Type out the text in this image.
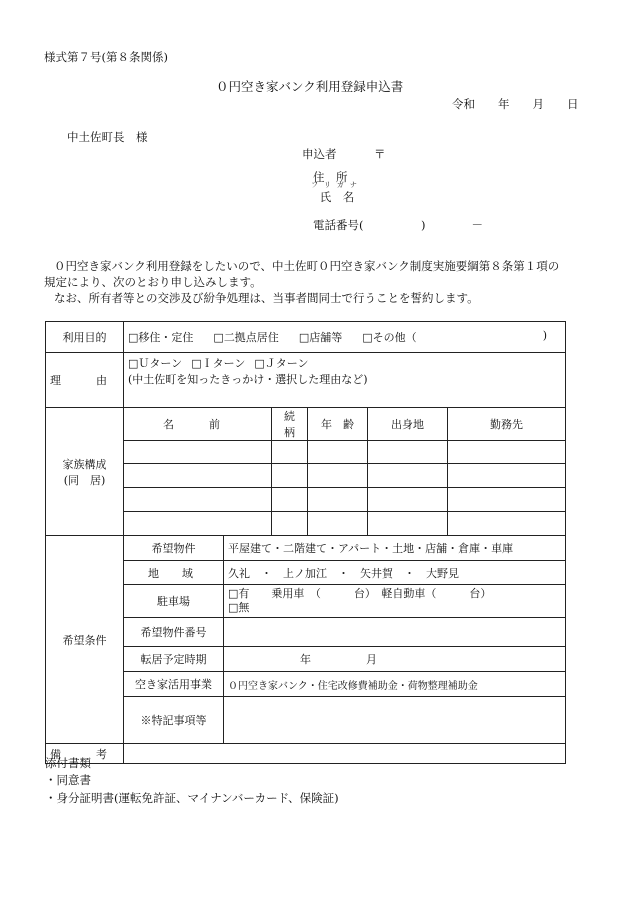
様式第７号(第８条関係)
０円空き家バンク利用登録申込書
令和　　年　　月　　日
中土佐町長　様
申込者	〒
住　所
フリガナ
氏　名
電話番号(　　　　　)　　　　－
０円空き家バンク利用登録をしたいので、中土佐町０円空き家バンク制度実施要綱第８条第１項の
規定により、次のとおり申し込みします。
なお、所有者等との交渉及び紛争処理は、当事者間同士で行うことを誓約します。
利用目的	□移住・定住    □ 二拠点居住    □ 店舗等    □ その他（ )

理　由	□ Ｕターン   □ Ｉターン   □ Ｊターン
(中土佐町を知ったきっかけ・選択した理由など)
家族構成
(同　居)	名　前		続　柄	年　齢	出身地	勤務先

希望条件	希望物件	平屋建て・二階建て・アパート・土地・店舗・倉庫・車庫				
	地　域	久礼　・　上ノ加江　・　矢井賀　・　大野見				
	駐車場	□ 有　　乗用車　（　　　台）　軽自動車（　　　台）
□ 無
	希望物件番号					
	転居予定時期	年　　　　　月				
	空き家活用事業	０円空き家バンク・住宅改修費補助金・荷物整理補助金				
	※特記事項等					
備　考						
添付書類
・同意書
・身分証明書(運転免許証、マイナンバーカード、保険証)
